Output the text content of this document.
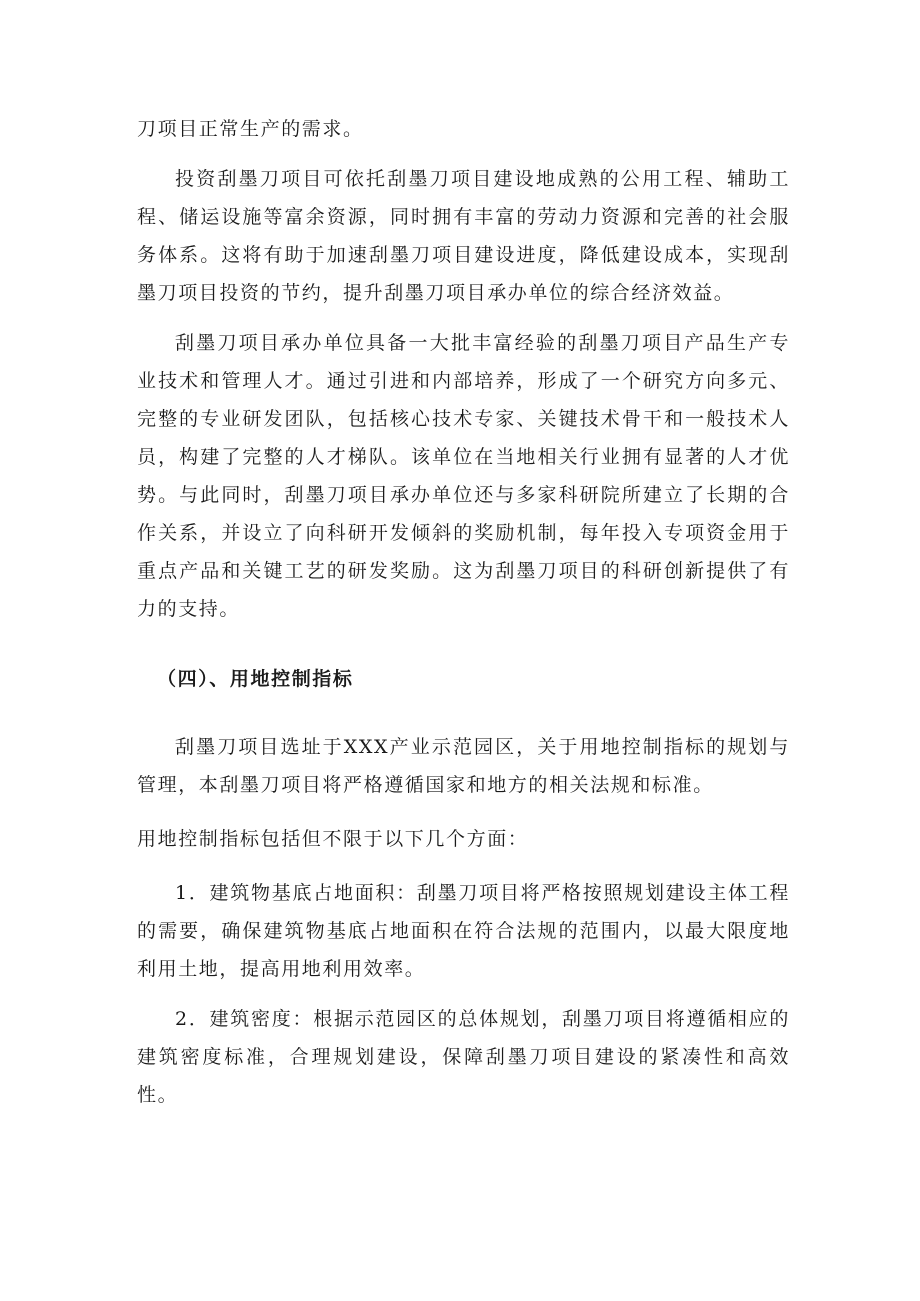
刀项目正常生产的需求。

投资刮墨刀项目可依托刮墨刀项目建设地成熟的公用工程、辅助工程、储运设施等富余资源，同时拥有丰富的劳动力资源和完善的社会服务体系。这将有助于加速刮墨刀项目建设进度，降低建设成本，实现刮墨刀项目投资的节约，提升刮墨刀项目承办单位的综合经济效益。

刮墨刀项目承办单位具备一大批丰富经验的刮墨刀项目产品生产专业技术和管理人才。通过引进和内部培养，形成了一个研究方向多元、完整的专业研发团队，包括核心技术专家、关键技术骨干和一般技术人员，构建了完整的人才梯队。该单位在当地相关行业拥有显著的人才优势。与此同时，刮墨刀项目承办单位还与多家科研院所建立了长期的合作关系，并设立了向科研开发倾斜的奖励机制，每年投入专项资金用于重点产品和关键工艺的研发奖励。这为刮墨刀项目的科研创新提供了有力的支持。

（四）、用地控制指标

刮墨刀项目选址于XXX产业示范园区，关于用地控制指标的规划与管理，本刮墨刀项目将严格遵循国家和地方的相关法规和标准。

用地控制指标包括但不限于以下几个方面：

1．建筑物基底占地面积：刮墨刀项目将严格按照规划建设主体工程的需要，确保建筑物基底占地面积在符合法规的范围内，以最大限度地利用土地，提高用地利用效率。

2．建筑密度：根据示范园区的总体规划，刮墨刀项目将遵循相应的建筑密度标准，合理规划建设，保障刮墨刀项目建设的紧凑性和高效性。
